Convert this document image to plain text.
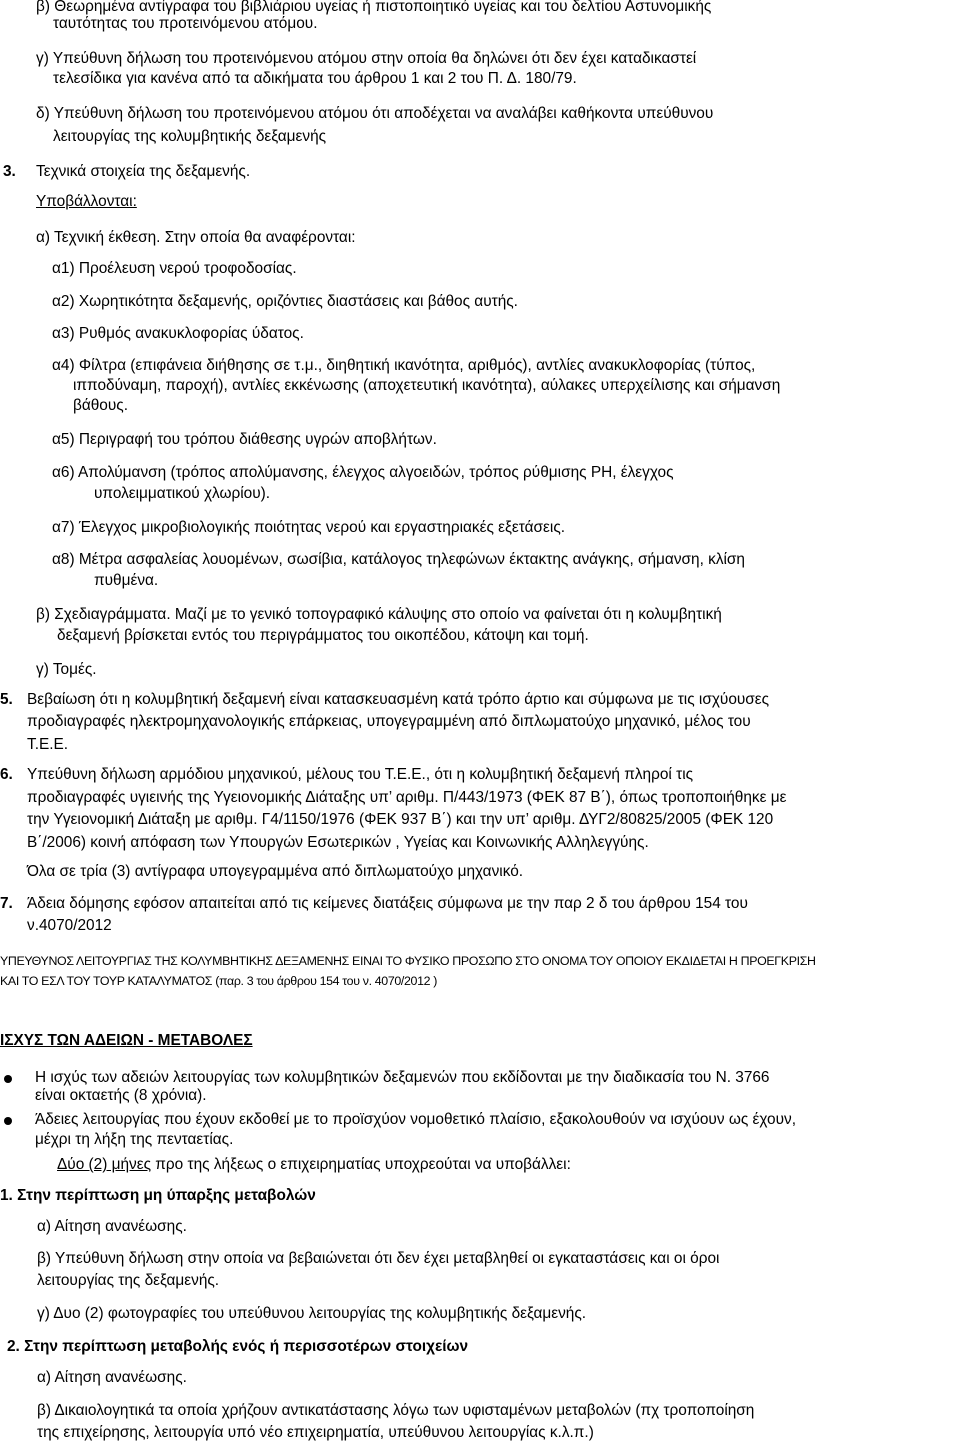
β) Θεωρημένα αντίγραφα του βιβλιάριου υγείας ή πιστοποιητικό υγείας και του δελτίου Αστυνομικής
ταυτότητας του προτεινόμενου ατόμου.
γ) Υπεύθυνη δήλωση του προτεινόμενου ατόμου στην οποία θα δηλώνει ότι δεν έχει καταδικαστεί
τελεσίδικα για κανένα από τα αδικήματα του άρθρου 1 και 2 του Π. Δ. 180/79.
δ) Υπεύθυνη δήλωση του προτεινόμενου ατόμου ότι αποδέχεται να αναλάβει καθήκοντα υπεύθυνου
λειτουργίας της κολυμβητικής δεξαμενής
3. Τεχνικά στοιχεία της δεξαμενής.
Υποβάλλονται:
α) Τεχνική έκθεση. Στην οποία θα αναφέρονται:
α1) Προέλευση νερού τροφοδοσίας.
α2) Χωρητικότητα δεξαμενής, οριζόντιες διαστάσεις και βάθος αυτής.
α3) Ρυθμός ανακυκλοφορίας ύδατος.
α4) Φίλτρα (επιφάνεια διήθησης σε τ.μ., διηθητική ικανότητα, αριθμός), αντλίες ανακυκλοφορίας (τύπος,
ιπποδύναμη, παροχή), αντλίες εκκένωσης (αποχετευτική ικανότητα), αύλακες υπερχείλισης και σήμανση
βάθους.
α5) Περιγραφή του τρόπου διάθεσης υγρών αποβλήτων.
α6) Απολύμανση (τρόπος απολύμανσης, έλεγχος αλγοειδών, τρόπος ρύθμισης PH, έλεγχος
υπολειμματικού χλωρίου).
α7) Έλεγχος μικροβιολογικής ποιότητας νερού και εργαστηριακές εξετάσεις.
α8) Μέτρα ασφαλείας λουομένων, σωσίβια, κατάλογος τηλεφώνων έκτακτης ανάγκης, σήμανση, κλίση
πυθμένα.
β) Σχεδιαγράμματα. Μαζί με το γενικό τοπογραφικό κάλυψης στο οποίο να φαίνεται ότι η κολυμβητική
δεξαμενή βρίσκεται εντός του περιγράμματος του οικοπέδου, κάτοψη και τομή.
γ) Τομές.
5. Βεβαίωση ότι η κολυμβητική δεξαμενή είναι κατασκευασμένη κατά τρόπο άρτιο και σύμφωνα με τις ισχύουσες
προδιαγραφές ηλεκτρομηχανολογικής επάρκειας, υπογεγραμμένη από διπλωματούχο μηχανικό, μέλος του
Τ.Ε.Ε.
6. Υπεύθυνη δήλωση αρμόδιου μηχανικού, μέλους του Τ.Ε.Ε., ότι η κολυμβητική δεξαμενή πληροί τις
προδιαγραφές υγιεινής της Υγειονομικής Διάταξης υπ’ αριθμ. Π/443/1973 (ΦΕΚ 87 Β΄), όπως τροποποιήθηκε με
την Υγειονομική Διάταξη με αριθμ. Γ4/1150/1976 (ΦΕΚ 937 Β΄) και την υπ’ αριθμ. ΔΥΓ2/80825/2005 (ΦΕΚ 120
Β΄/2006) κοινή απόφαση των Υπουργών Εσωτερικών , Υγείας και Κοινωνικής Αλληλεγγύης.
Όλα σε τρία (3) αντίγραφα υπογεγραμμένα από διπλωματούχο μηχανικό.
7. Άδεια δόμησης εφόσον απαιτείται από τις κείμενες διατάξεις σύμφωνα με την παρ 2 δ του άρθρου 154 του
ν.4070/2012
ΥΠΕΥΘΥΝΟΣ ΛΕΙΤΟΥΡΓΙΑΣ ΤΗΣ ΚΟΛΥΜΒΗΤΙΚΗΣ ΔΕΞΑΜΕΝΗΣ ΕΙΝΑΙ ΤΟ ΦΥΣΙΚΟ ΠΡΟΣΩΠΟ ΣΤΟ ΟΝΟΜΑ ΤΟΥ ΟΠΟΙΟΥ ΕΚΔΙΔΕΤΑΙ Η ΠΡΟΕΓΚΡΙΣΗ
ΚΑΙ ΤΟ ΕΣΛ ΤΟΥ ΤΟΥΡ ΚΑΤΑΛΥΜΑΤΟΣ (παρ. 3 του άρθρου 154 του ν. 4070/2012 )
ΙΣΧΥΣ ΤΩΝ ΑΔΕΙΩΝ - ΜΕΤΑΒΟΛΕΣ
Η ισχύς των αδειών λειτουργίας των κολυμβητικών δεξαμενών που εκδίδονται με την διαδικασία του Ν. 3766
είναι οκταετής (8 χρόνια).
Άδειες λειτουργίας που έχουν εκδοθεί με το προϊσχύον νομοθετικό πλαίσιο, εξακολουθούν να ισχύουν ως έχουν,
μέχρι τη λήξη της πενταετίας.
Δύο (2) μήνες προ της λήξεως ο επιχειρηματίας υποχρεούται να υποβάλλει:
1. Στην περίπτωση μη ύπαρξης μεταβολών
α) Αίτηση ανανέωσης.
β) Υπεύθυνη δήλωση στην οποία να βεβαιώνεται ότι δεν έχει μεταβληθεί οι εγκαταστάσεις και οι όροι
λειτουργίας της δεξαμενής.
γ) Δυο (2) φωτογραφίες του υπεύθυνου λειτουργίας της κολυμβητικής δεξαμενής.
2. Στην περίπτωση μεταβολής ενός ή περισσοτέρων στοιχείων
α) Αίτηση ανανέωσης.
β) Δικαιολογητικά τα οποία χρήζουν αντικατάστασης λόγω των υφισταμένων μεταβολών (πχ τροποποίηση
της επιχείρησης, λειτουργία υπό νέο επιχειρηματία, υπεύθυνου λειτουργίας κ.λ.π.)
